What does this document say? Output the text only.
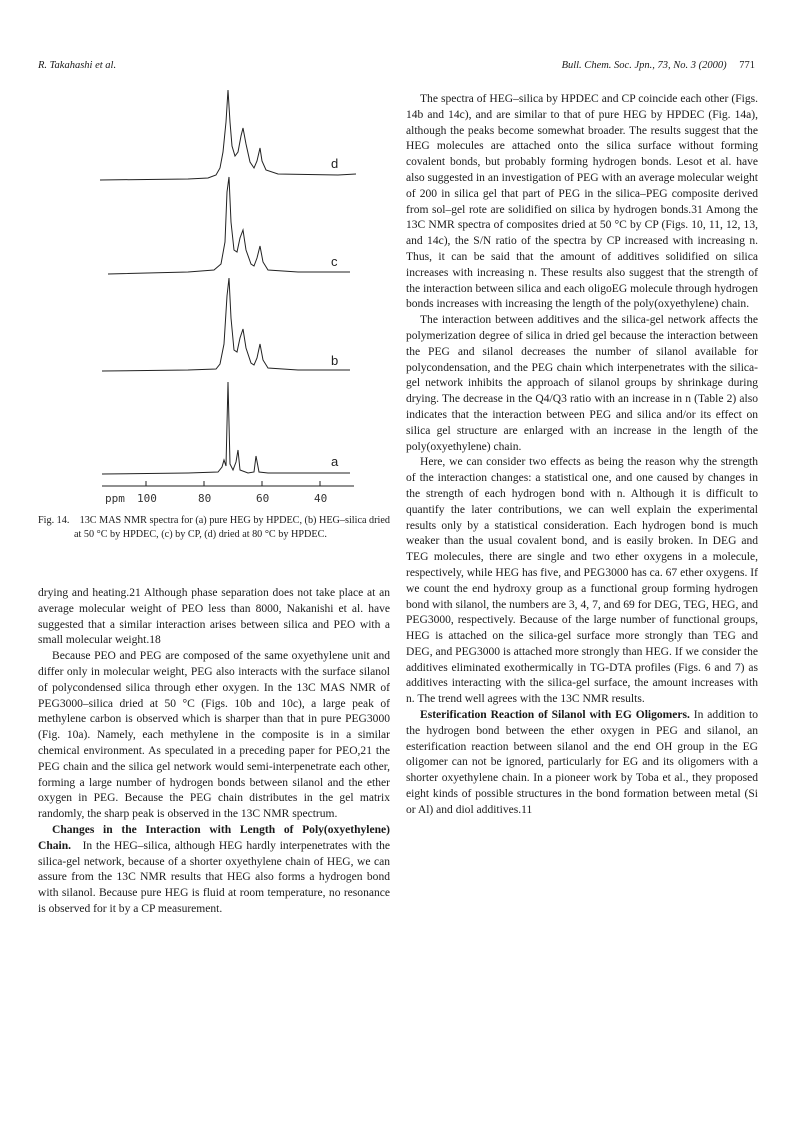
R. Takahashi et al.	Bull. Chem. Soc. Jpn., 73, No. 3 (2000) 771
d
c
b
a
ppm 100	80	60	40
Fig. 14. 13C MAS NMR spectra for (a) pure HEG by HPDEC, (b) HEG–silica dried at 50 °C by HPDEC, (c) by CP, (d) dried at 80 °C by HPDEC.

drying and heating.21 Although phase separation does not take place at an average molecular weight of PEO less than 8000, Nakanishi et al. have suggested that a similar interaction arises between silica and PEO with a small molecular weight.18

Because PEO and PEG are composed of the same oxyethylene unit and differ only in molecular weight, PEG also interacts with the surface silanol of polycondensed silica through ether oxygen. In the 13C MAS NMR of PEG3000–silica dried at 50 °C (Figs. 10b and 10c), a large peak of methylene carbon is observed which is sharper than that in pure PEG3000 (Fig. 10a). Namely, each methylene in the composite is in a similar chemical environment. As speculated in a preceding paper for PEO,21 the PEG chain and the silica gel network would semi-interpenetrate each other, forming a large number of hydrogen bonds between silanol and the ether oxygen in PEG. Because the PEG chain distributes in the gel matrix randomly, the sharp peak is observed in the 13C NMR spectrum.

Changes in the Interaction with Length of Poly(oxyethylene) Chain. In the HEG–silica, although HEG hardly interpenetrates with the silica-gel network, because of a shorter oxyethylene chain of HEG, we can assure from the 13C NMR results that HEG also forms a hydrogen bond with silanol. Because pure HEG is fluid at room temperature, no resonance is observed for it by a CP measurement.

The spectra of HEG–silica by HPDEC and CP coincide each other (Figs. 14b and 14c), and are similar to that of pure HEG by HPDEC (Fig. 14a), although the peaks become somewhat broader. The results suggest that the HEG molecules are attached onto the silica surface without forming covalent bonds, but probably forming hydrogen bonds. Lesot et al. have also suggested in an investigation of PEG with an average molecular weight of 200 in silica gel that part of PEG in the silica–PEG composite derived from sol–gel rote are solidified on silica by hydrogen bonds.31 Among the 13C NMR spectra of composites dried at 50 °C by CP (Figs. 10, 11, 12, 13, and 14c), the S/N ratio of the spectra by CP increased with increasing n. Thus, it can be said that the amount of additives solidified on silica increases with increasing n. These results also suggest that the strength of the interaction between silica and each oligoEG molecule through hydrogen bonds increases with increasing the length of the poly(oxyethylene) chain.

The interaction between additives and the silica-gel network affects the polymerization degree of silica in dried gel because the interaction between the PEG and silanol decreases the number of silanol available for polycondensation, and the PEG chain which interpenetrates with the silica-gel network inhibits the approach of silanol groups by shrinkage during drying. The decrease in the Q4/Q3 ratio with an increase in n (Table 2) also indicates that the interaction between PEG and silica and/or its effect on silica gel structure are enlarged with an increase in the length of the poly(oxyethylene) chain.

Here, we can consider two effects as being the reason why the strength of the interaction changes: a statistical one, and one caused by changes in the strength of each hydrogen bond with n. Although it is difficult to quantify the later contributions, we can well explain the experimental results only by a statistical consideration. Each hydrogen bond is much weaker than the usual covalent bond, and is easily broken. In DEG and TEG molecules, there are single and two ether oxygens in a molecule, respectively, while HEG has five, and PEG3000 has ca. 67 ether oxygens. If we count the end hydroxy group as a functional group forming hydrogen bond with silanol, the numbers are 3, 4, 7, and 69 for DEG, TEG, HEG, and PEG3000, respectively. Because of the large number of functional groups, HEG is attached on the silica-gel surface more strongly than TEG and DEG, and PEG3000 is attached more strongly than HEG. If we consider the additives eliminated exothermically in TG-DTA profiles (Figs. 6 and 7) as additives interacting with the silica-gel surface, the amount increases with n. The trend well agrees with the 13C NMR results.

Esterification Reaction of Silanol with EG Oligomers. In addition to the hydrogen bond between the ether oxygen in PEG and silanol, an esterification reaction between silanol and the end OH group in the EG oligomer can not be ignored, particularly for EG and its oligomers with a shorter oxyethylene chain. In a pioneer work by Toba et al., they proposed eight kinds of possible structures in the bond formation between metal (Si or Al) and diol additives.11
